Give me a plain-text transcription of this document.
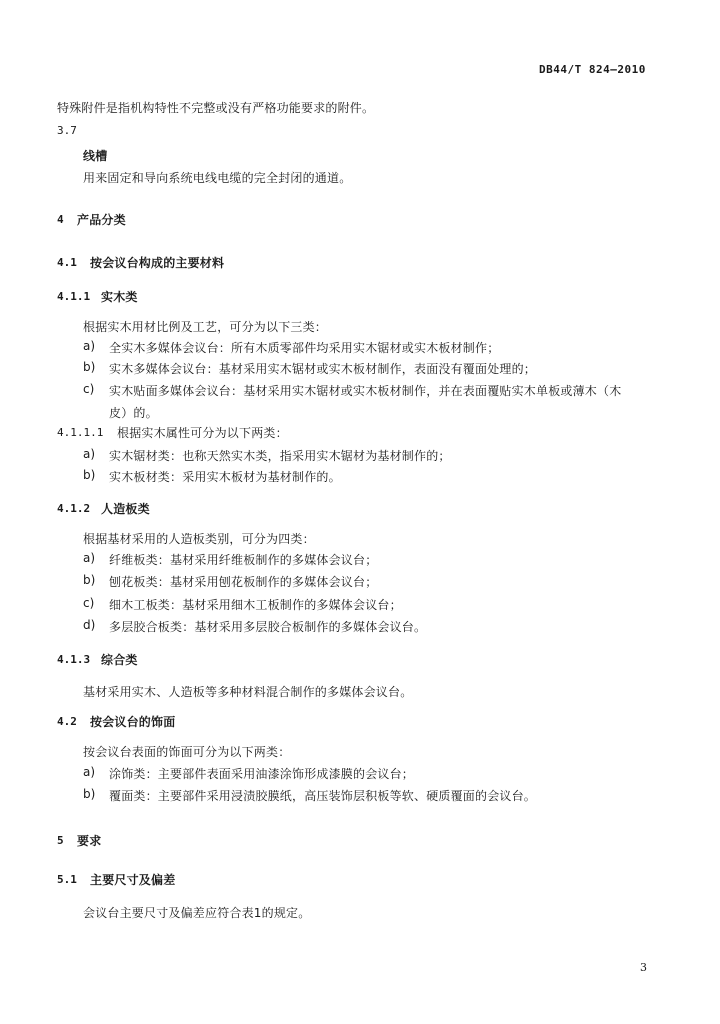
DB44/T 824—2010
特殊附件是指机构特性不完整或没有严格功能要求的附件。
3.7
线槽
用来固定和导向系统电线电缆的完全封闭的通道。
4 产品分类
4.1 按会议台构成的主要材料
4.1.1 实木类
根据实木用材比例及工艺，可分为以下三类：
a) 全实木多媒体会议台：所有木质零部件均采用实木锯材或实木板材制作；
b) 实木多媒体会议台：基材采用实木锯材或实木板材制作，表面没有覆面处理的；
c) 实木贴面多媒体会议台：基材采用实木锯材或实木板材制作，并在表面覆贴实木单板或薄木（木
皮）的。
4.1.1.1 根据实木属性可分为以下两类：
a) 实木锯材类：也称天然实木类，指采用实木锯材为基材制作的；
b) 实木板材类：采用实木板材为基材制作的。
4.1.2 人造板类
根据基材采用的人造板类别，可分为四类：
a) 纤维板类：基材采用纤维板制作的多媒体会议台；
b) 刨花板类：基材采用刨花板制作的多媒体会议台；
c) 细木工板类：基材采用细木工板制作的多媒体会议台；
d) 多层胶合板类：基材采用多层胶合板制作的多媒体会议台。
4.1.3 综合类
基材采用实木、人造板等多种材料混合制作的多媒体会议台。
4.2 按会议台的饰面
按会议台表面的饰面可分为以下两类：
a) 涂饰类：主要部件表面采用油漆涂饰形成漆膜的会议台；
b) 覆面类：主要部件采用浸渍胶膜纸，高压装饰层积板等软、硬质覆面的会议台。
5 要求
5.1 主要尺寸及偏差
会议台主要尺寸及偏差应符合表1的规定。
3
